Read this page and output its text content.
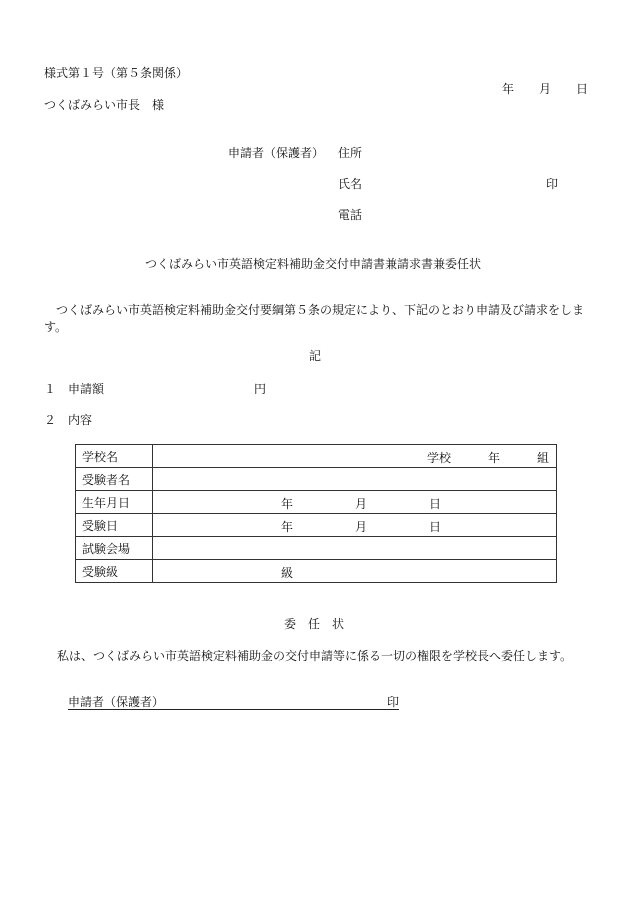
様式第１号（第５条関係）
年 月 日
つくばみらい市長　様
申請者（保護者） 住所
氏名	印
電話
つくばみらい市英語検定料補助金交付申請書兼請求書兼委任状
　つくばみらい市英語検定料補助金交付要綱第５条の規定により、下記のとおり申請及び請求をします。
記
１ 申請額	円
２ 内容
学校名	学校 年 組

受験者名	

生年月日	年 月 日

受験日	年 月 日

試験会場	

受験級	級
委　任　状
私は、つくばみらい市英語検定料補助金の交付申請等に係る一切の権限を学校長へ委任します。
申請者（保護者）	印
